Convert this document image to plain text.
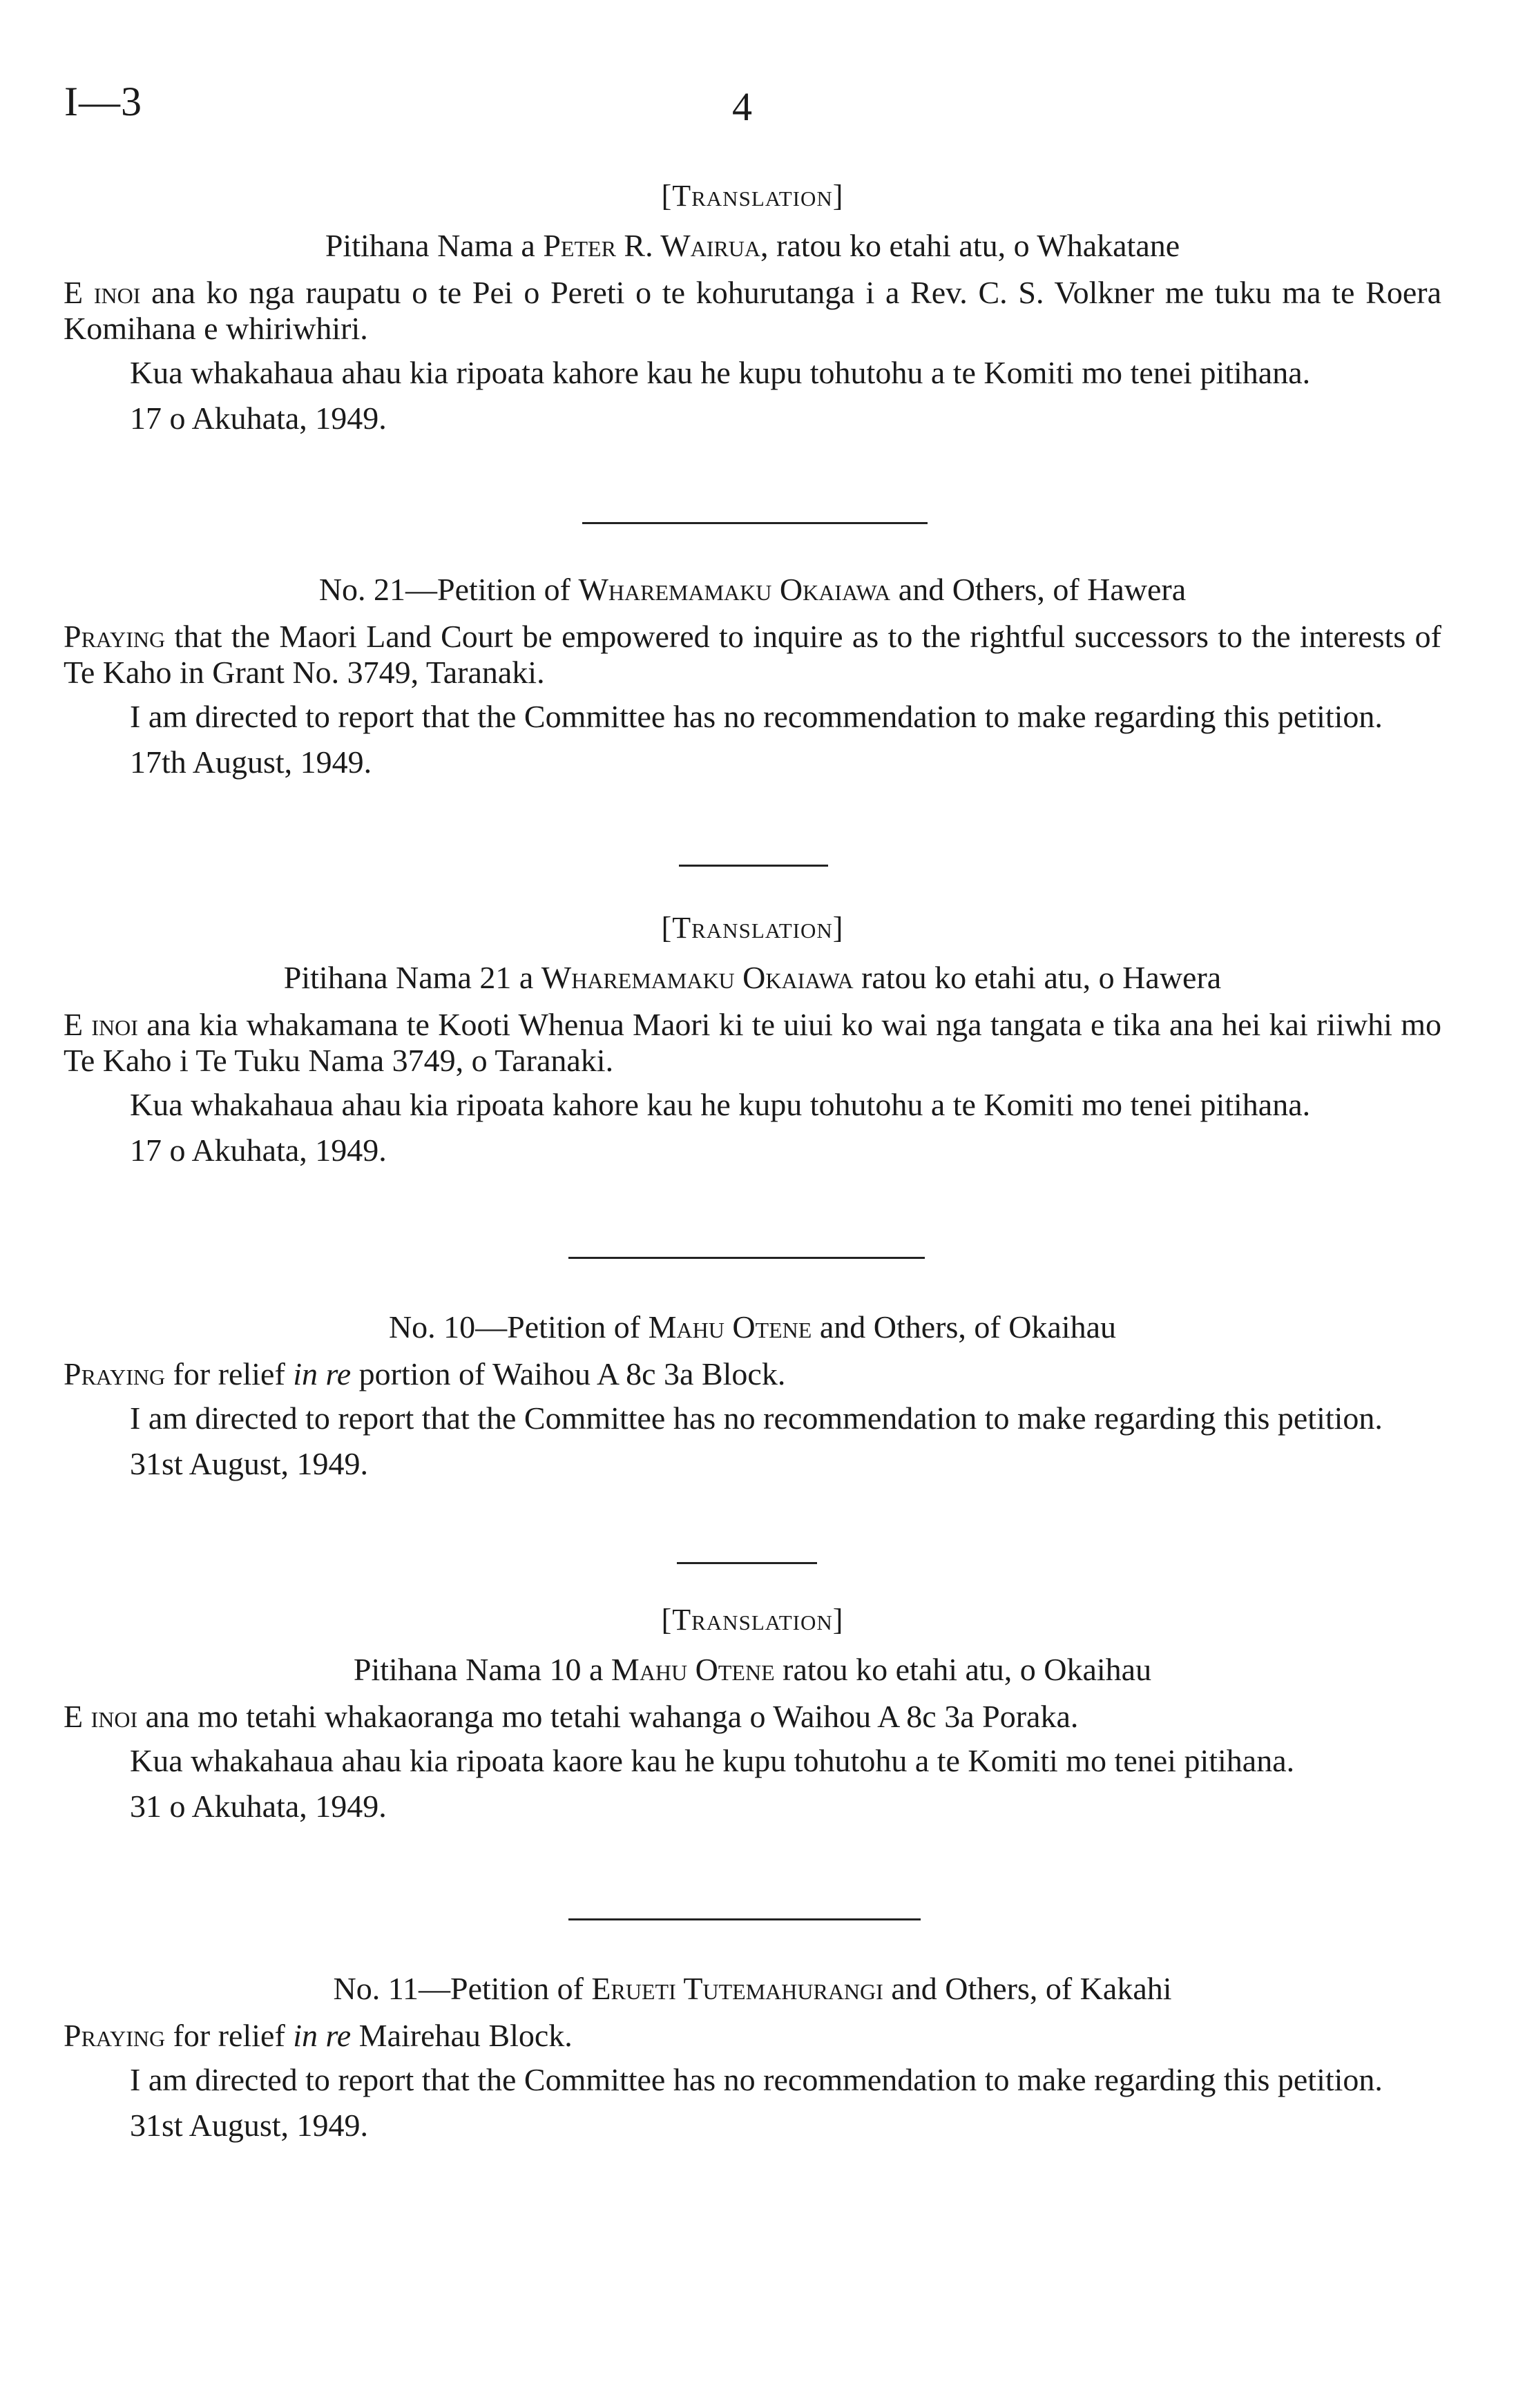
I—3	4
[Translation]
Pitihana Nama a Peter R. Wairua, ratou ko etahi atu, o Whakatane

E inoi ana ko nga raupatu o te Pei o Pereti o te kohurutanga i a Rev. C. S. Volkner me tuku ma te Roera Komihana e whiriwhiri.

Kua whakahaua ahau kia ripoata kahore kau he kupu tohutohu a te Komiti mo tenei pitihana.

17 o Akuhata, 1949.
No. 21—Petition of Wharemamaku Okaiawa and Others, of Hawera

Praying that the Maori Land Court be empowered to inquire as to the rightful successors to the interests of Te Kaho in Grant No. 3749, Taranaki.

I am directed to report that the Committee has no recommendation to make regarding this petition.

17th August, 1949.
[Translation]
Pitihana Nama 21 a Wharemamaku Okaiawa ratou ko etahi atu, o Hawera

E inoi ana kia whakamana te Kooti Whenua Maori ki te uiui ko wai nga tangata e tika ana hei kai riiwhi mo Te Kaho i Te Tuku Nama 3749, o Taranaki.

Kua whakahaua ahau kia ripoata kahore kau he kupu tohutohu a te Komiti mo tenei pitihana.

17 o Akuhata, 1949.
No. 10—Petition of Mahu Otene and Others, of Okaihau

Praying for relief in re portion of Waihou A 8c 3a Block.

I am directed to report that the Committee has no recommendation to make regarding this petition.

31st August, 1949.
[Translation]
Pitihana Nama 10 a Mahu Otene ratou ko etahi atu, o Okaihau

E inoi ana mo tetahi whakaoranga mo tetahi wahanga o Waihou A 8c 3a Poraka.

Kua whakahaua ahau kia ripoata kaore kau he kupu tohutohu a te Komiti mo tenei pitihana.

31 o Akuhata, 1949.
No. 11—Petition of Erueti Tutemahurangi and Others, of Kakahi

Praying for relief in re Mairehau Block.

I am directed to report that the Committee has no recommendation to make regarding this petition.

31st August, 1949.
